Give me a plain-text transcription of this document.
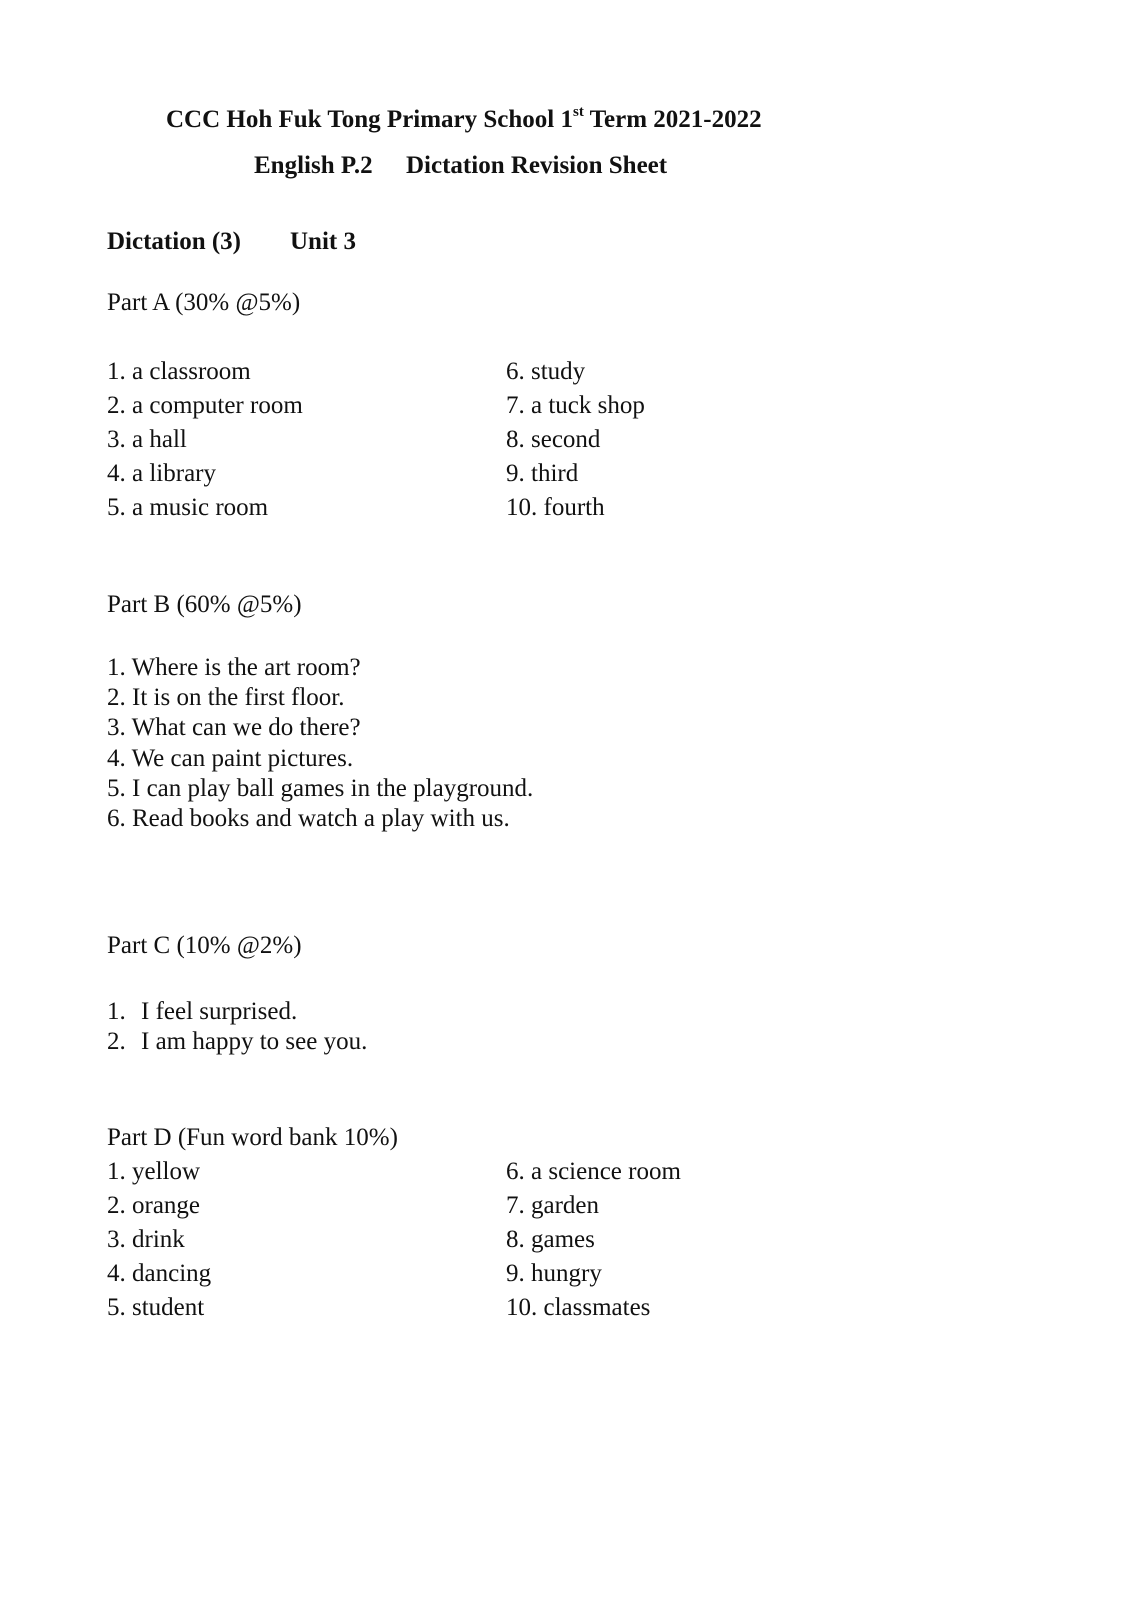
CCC Hoh Fuk Tong Primary School 1st Term 2021-2022
English P.2 Dictation Revision Sheet
Dictation (3) Unit 3
Part A (30% @5%)
1. a classroom
2. a computer room
3. a hall
4. a library
5. a music room
6. study
7. a tuck shop
8. second
9. third
10. fourth
Part B (60% @5%)
1. Where is the art room?
2. It is on the first floor.
3. What can we do there?
4. We can paint pictures.
5. I can play ball games in the playground.
6. Read books and watch a play with us.
Part C (10% @2%)
1. I feel surprised.
2. I am happy to see you.
Part D (Fun word bank 10%)
1. yellow
2. orange
3. drink
4. dancing
5. student
6. a science room
7. garden
8. games
9. hungry
10. classmates
